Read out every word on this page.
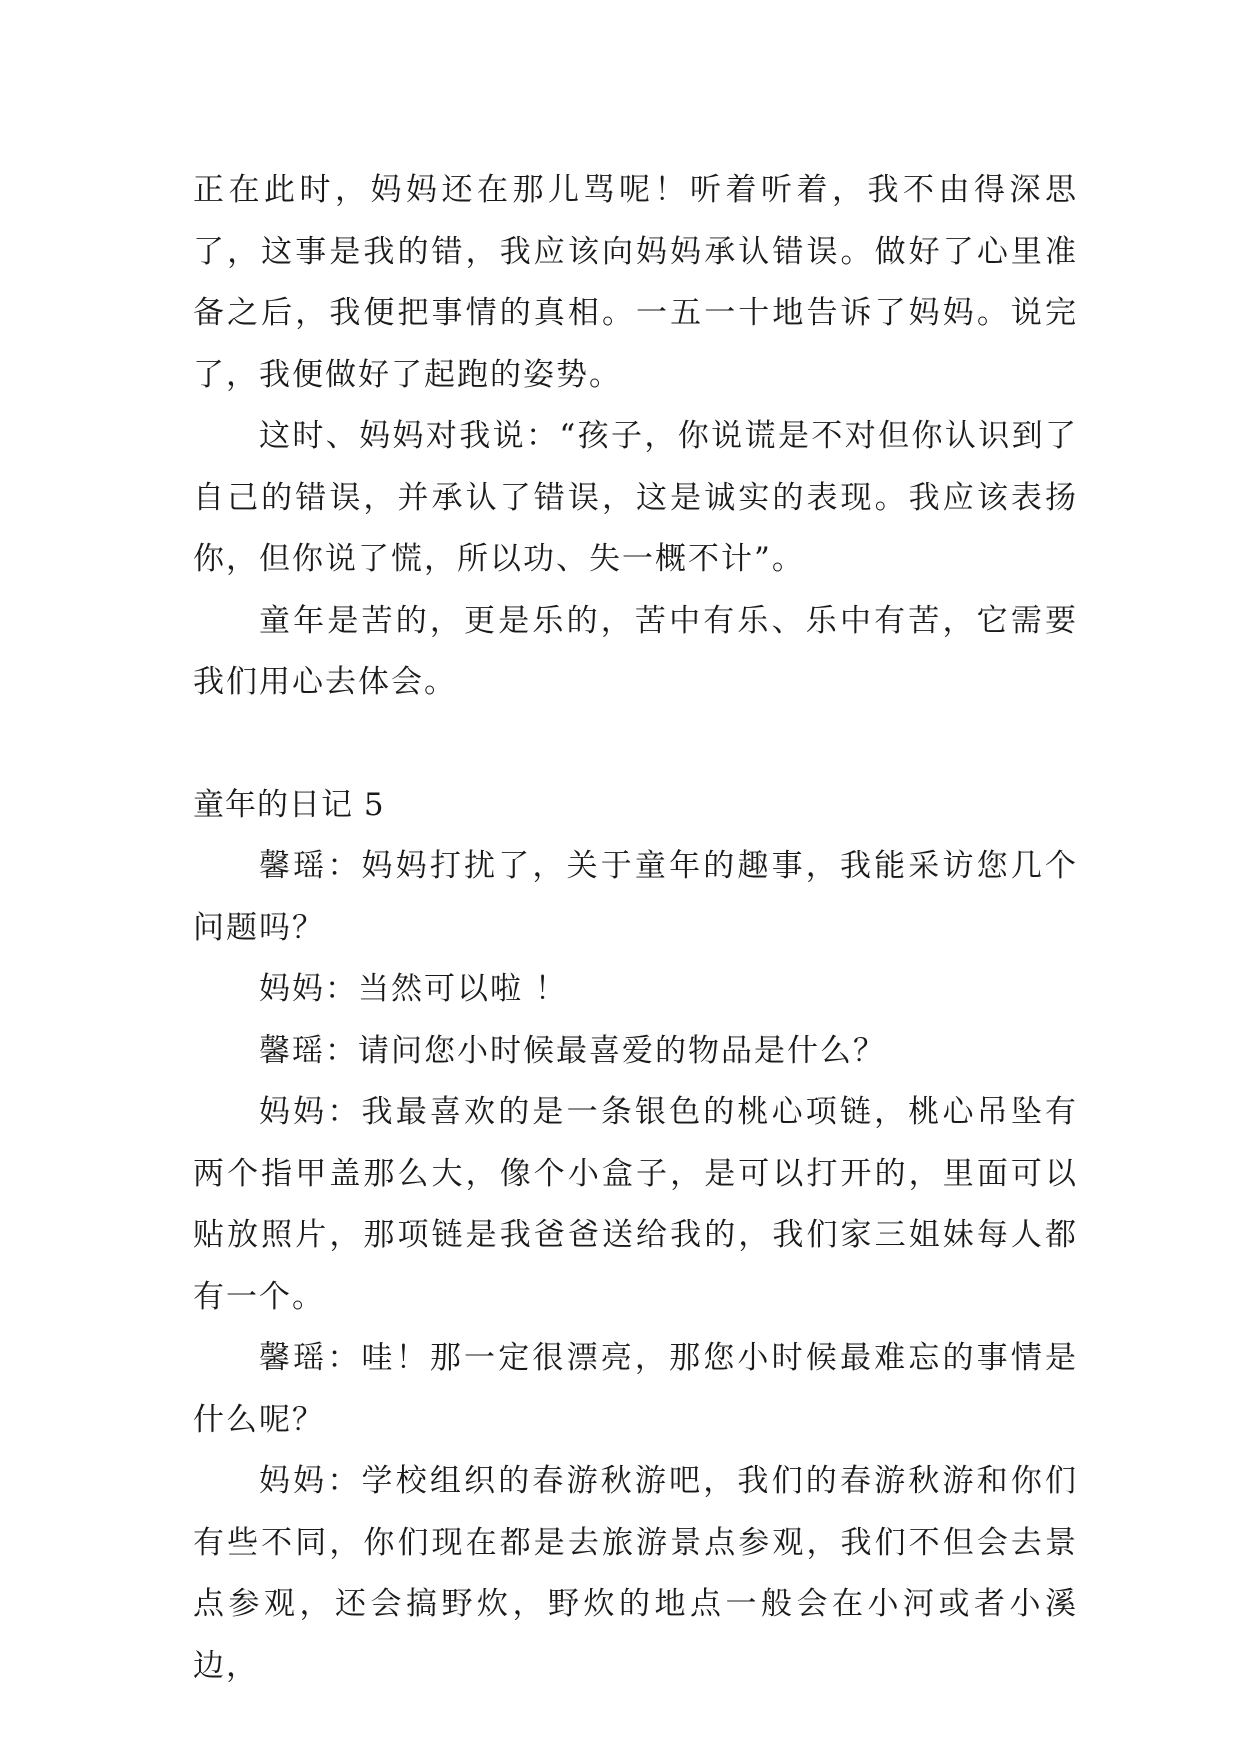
正在此时，妈妈还在那儿骂呢！听着听着，我不由得深思了，这事是我的错，我应该向妈妈承认错误。做好了心里准备之后，我便把事情的真相。一五一十地告诉了妈妈。说完了，我便做好了起跑的姿势。

这时、妈妈对我说：“孩子，你说谎是不对但你认识到了自己的错误，并承认了错误，这是诚实的表现。我应该表扬你，但你说了慌，所以功、失一概不计”。

童年是苦的，更是乐的，苦中有乐、乐中有苦，它需要我们用心去体会。

童年的日记 5

馨瑶：妈妈打扰了，关于童年的趣事，我能采访您几个问题吗？

妈妈：当然可以啦 ！

馨瑶：请问您小时候最喜爱的物品是什么？

妈妈：我最喜欢的是一条银色的桃心项链，桃心吊坠有两个指甲盖那么大，像个小盒子，是可以打开的，里面可以贴放照片，那项链是我爸爸送给我的，我们家三姐妹每人都有一个。

馨瑶：哇！那一定很漂亮，那您小时候最难忘的事情是什么呢？

妈妈：学校组织的春游秋游吧，我们的春游秋游和你们有些不同，你们现在都是去旅游景点参观，我们不但会去景点参观，还会搞野炊，野炊的地点一般会在小河或者小溪边，
